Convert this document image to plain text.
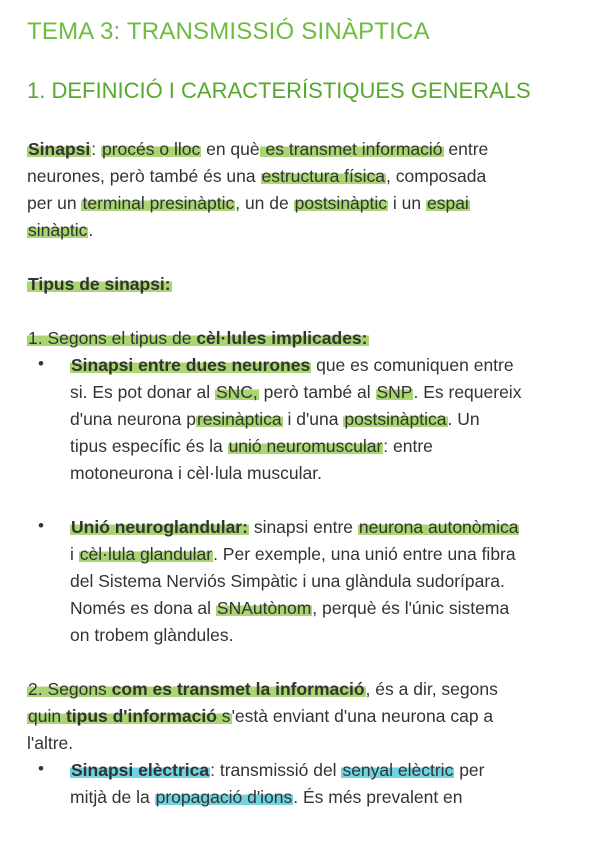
TEMA 3: TRANSMISSIÓ SINÀPTICA
1. DEFINICIÓ I CARACTERÍSTIQUES GENERALS
Sinapsi: procés o lloc en què es transmet informació entre
neurones, però també és una estructura física, composada
per un terminal presinàptic, un de postsinàptic i un espai
sinàptic.
Tipus de sinapsi:
1. Segons el tipus de cèl·lules implicades:
• Sinapsi entre dues neurones que es comuniquen entre
si. Es pot donar al SNC, però també al SNP. Es requereix
d'una neurona presinàptica i d'una postsinàptica. Un
tipus específic és la unió neuromuscular: entre
motoneurona i cèl·lula muscular.
• Unió neuroglandular: sinapsi entre neurona autonòmica
i cèl·lula glandular. Per exemple, una unió entre una fibra
del Sistema Nerviós Simpàtic i una glàndula sudorípara.
Només es dona al SNAutònom, perquè és l'únic sistema
on trobem glàndules.
2. Segons com es transmet la informació, és a dir, segons
quin tipus d'informació s'està enviant d'una neurona cap a
l'altre.
• Sinapsi elèctrica: transmissió del senyal elèctric per
mitjà de la propagació d'ions. És més prevalent en
